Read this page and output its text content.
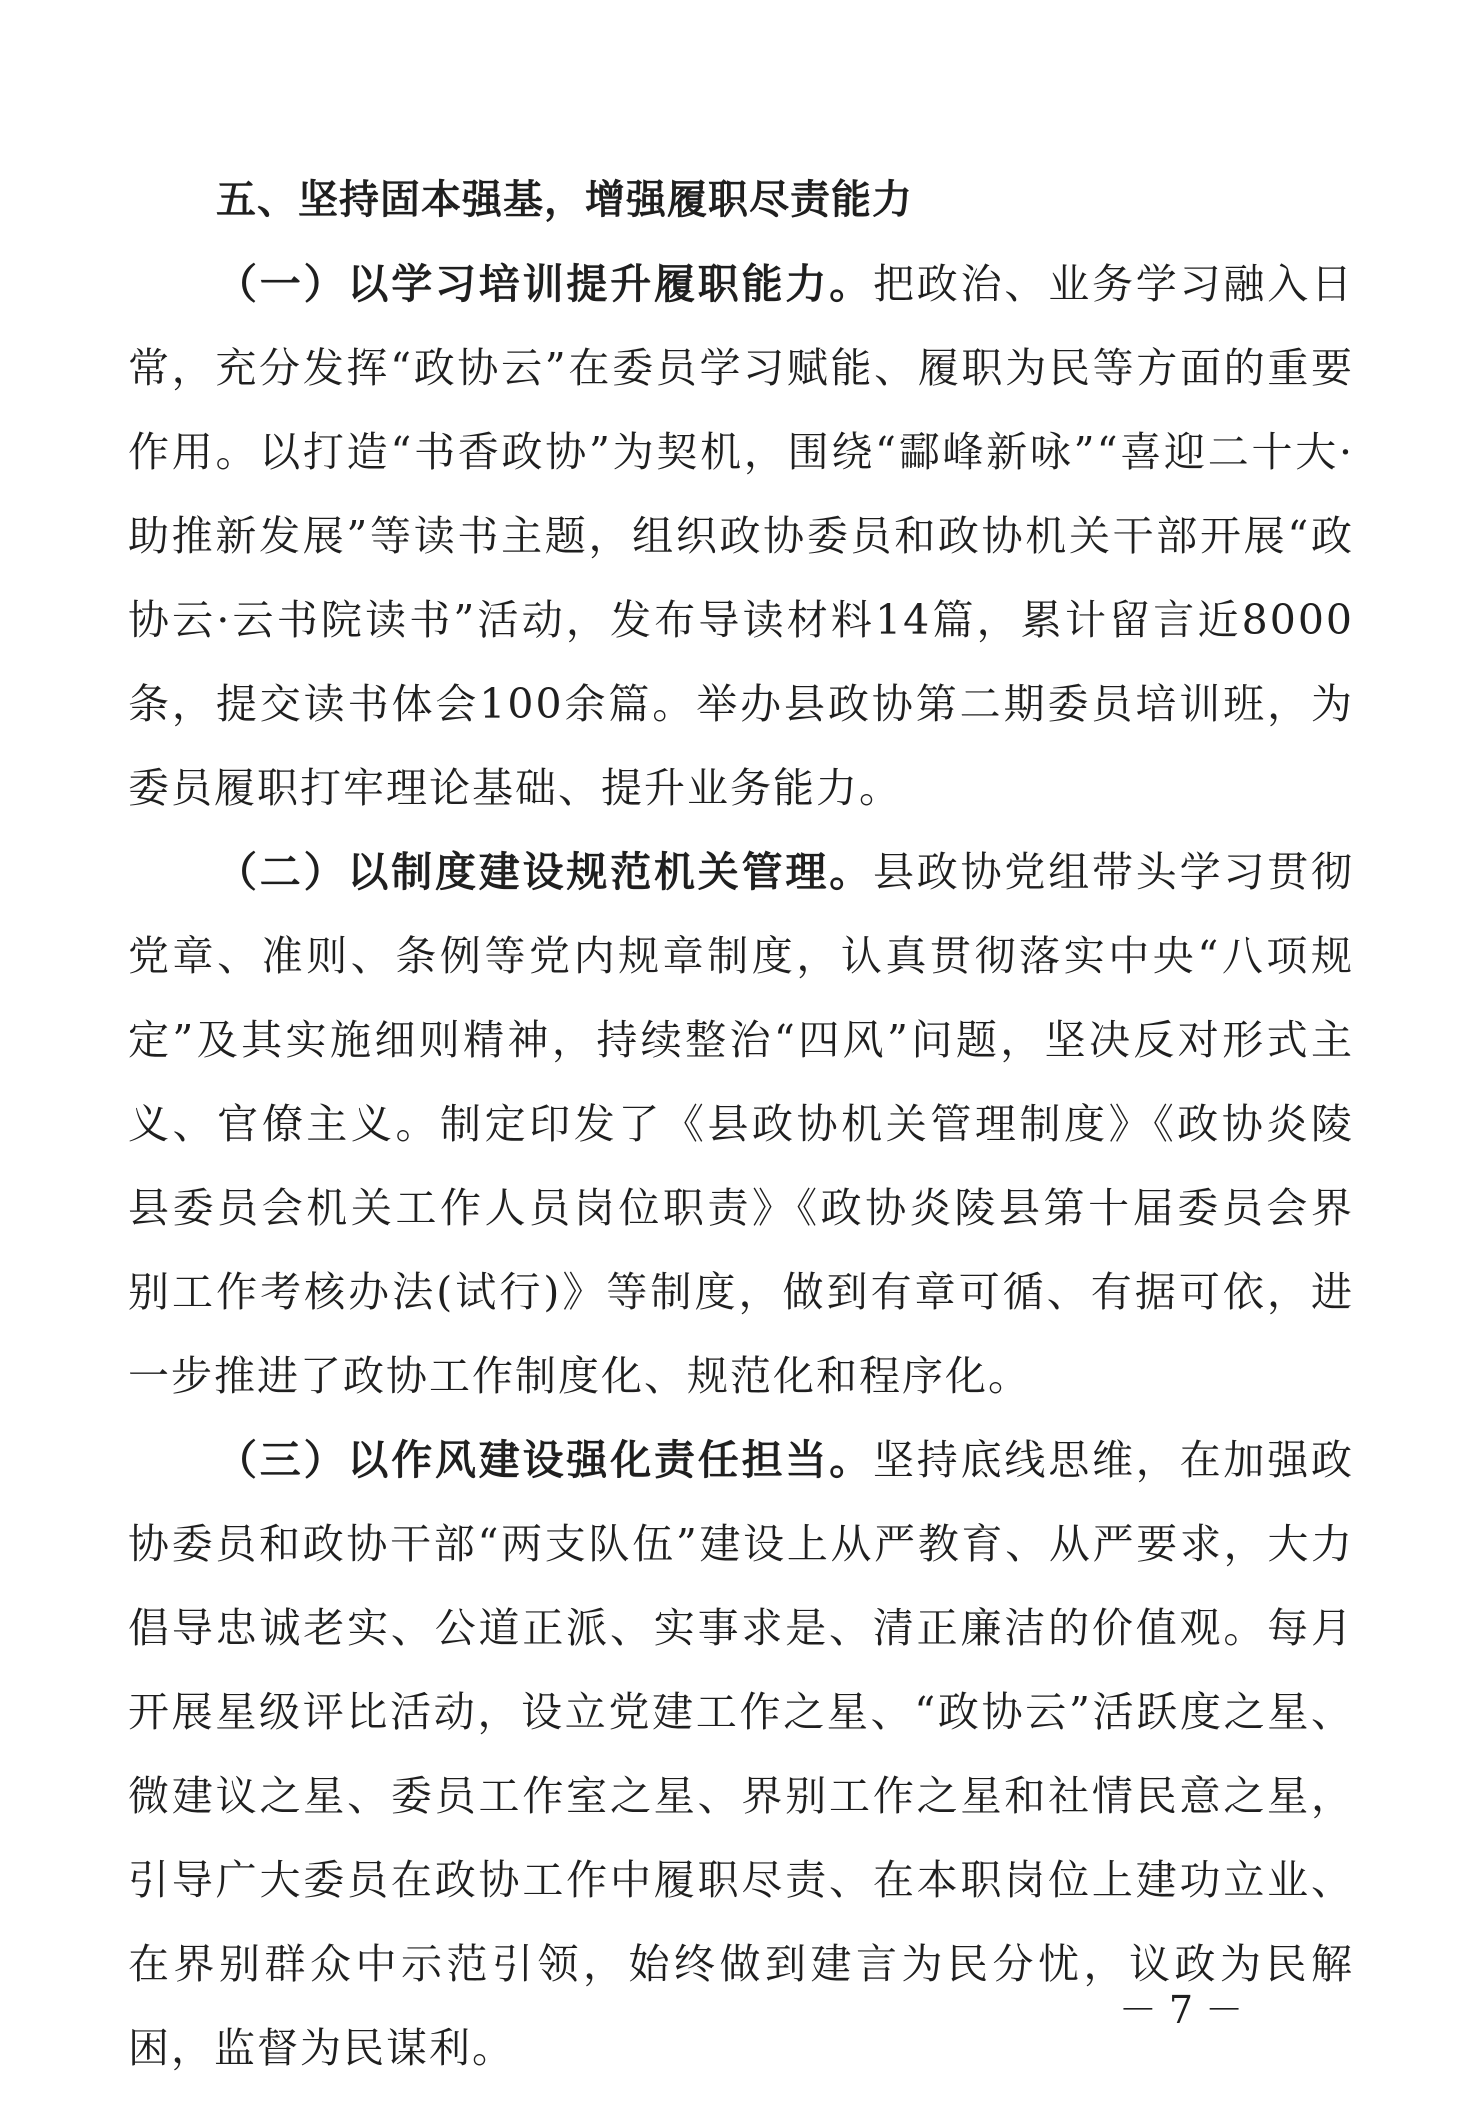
五、坚持固本强基，增强履职尽责能力

（一）以学习培训提升履职能力。把政治、业务学习融入日常，充分发挥“政协云”在委员学习赋能、履职为民等方面的重要作用。以打造“书香政协”为契机，围绕“酃峰新咏”“喜迎二十大·助推新发展”等读书主题，组织政协委员和政协机关干部开展“政协云·云书院读书”活动，发布导读材料14篇，累计留言近8000条，提交读书体会100余篇。举办县政协第二期委员培训班，为委员履职打牢理论基础、提升业务能力。

（二）以制度建设规范机关管理。县政协党组带头学习贯彻党章、准则、条例等党内规章制度，认真贯彻落实中央“八项规定”及其实施细则精神，持续整治“四风”问题，坚决反对形式主义、官僚主义。制定印发了《县政协机关管理制度》《政协炎陵县委员会机关工作人员岗位职责》《政协炎陵县第十届委员会界别工作考核办法(试行)》等制度，做到有章可循、有据可依，进一步推进了政协工作制度化、规范化和程序化。

（三）以作风建设强化责任担当。坚持底线思维，在加强政协委员和政协干部“两支队伍”建设上从严教育、从严要求，大力倡导忠诚老实、公道正派、实事求是、清正廉洁的价值观。每月开展星级评比活动，设立党建工作之星、“政协云”活跃度之星、微建议之星、委员工作室之星、界别工作之星和社情民意之星，引导广大委员在政协工作中履职尽责、在本职岗位上建功立业、在界别群众中示范引领，始终做到建言为民分忧，议政为民解困，监督为民谋利。

－ 7 －
